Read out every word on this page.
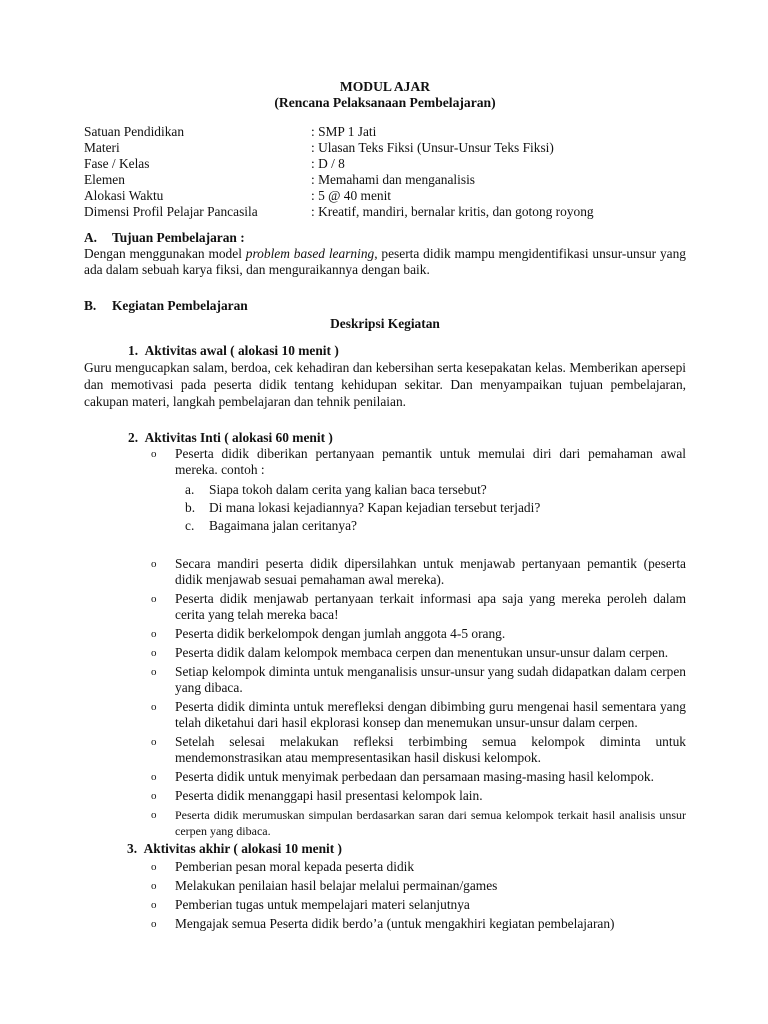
MODUL AJAR
(Rencana Pelaksanaan Pembelajaran)
Satuan Pendidikan	: SMP 1 Jati
Materi	: Ulasan Teks Fiksi (Unsur-Unsur Teks Fiksi)
Fase / Kelas	: D / 8
Elemen	: Memahami dan menganalisis
Alokasi Waktu	: 5 @ 40 menit
Dimensi Profil Pelajar Pancasila	: Kreatif, mandiri, bernalar kritis, dan gotong royong
A. Tujuan Pembelajaran :
Dengan menggunakan model problem based learning, peserta didik mampu mengidentifikasi unsur-unsur yang ada dalam sebuah karya fiksi, dan menguraikannya dengan baik.
B. Kegiatan Pembelajaran
Deskripsi Kegiatan
1. Aktivitas awal ( alokasi 10 menit )
Guru mengucapkan salam, berdoa, cek kehadiran dan kebersihan serta kesepakatan kelas. Memberikan apersepi dan memotivasi pada peserta didik tentang kehidupan sekitar. Dan menyampaikan tujuan pembelajaran, cakupan materi, langkah pembelajaran dan tehnik penilaian.
2. Aktivitas Inti ( alokasi 60 menit )
o Peserta didik diberikan pertanyaan pemantik untuk memulai diri dari pemahaman awal mereka. contoh :
a. Siapa tokoh dalam cerita yang kalian baca tersebut?
b. Di mana lokasi kejadiannya? Kapan kejadian tersebut terjadi?
c. Bagaimana jalan ceritanya?
o Secara mandiri peserta didik dipersilahkan untuk menjawab pertanyaan pemantik (peserta didik menjawab sesuai pemahaman awal mereka).
o Peserta didik menjawab pertanyaan terkait informasi apa saja yang mereka peroleh dalam cerita yang telah mereka baca!
o Peserta didik berkelompok dengan jumlah anggota 4-5 orang.
o Peserta didik dalam kelompok membaca cerpen dan menentukan unsur-unsur dalam cerpen.
o Setiap kelompok diminta untuk menganalisis unsur-unsur yang sudah didapatkan dalam cerpen yang dibaca.
o Peserta didik diminta untuk merefleksi dengan dibimbing guru mengenai hasil sementara yang telah diketahui dari hasil ekplorasi konsep dan menemukan unsur-unsur dalam cerpen.
o Setelah selesai melakukan refleksi terbimbing semua kelompok diminta untuk mendemonstrasikan atau mempresentasikan hasil diskusi kelompok.
o Peserta didik untuk menyimak perbedaan dan persamaan masing-masing hasil kelompok.
o Peserta didik menanggapi hasil presentasi kelompok lain.
o Peserta didik merumuskan simpulan berdasarkan saran dari semua kelompok terkait hasil analisis unsur cerpen yang dibaca.
3. Aktivitas akhir ( alokasi 10 menit )
o Pemberian pesan moral kepada peserta didik
o Melakukan penilaian hasil belajar melalui permainan/games
o Pemberian tugas untuk mempelajari materi selanjutnya
o Mengajak semua Peserta didik berdo’a (untuk mengakhiri kegiatan pembelajaran)
